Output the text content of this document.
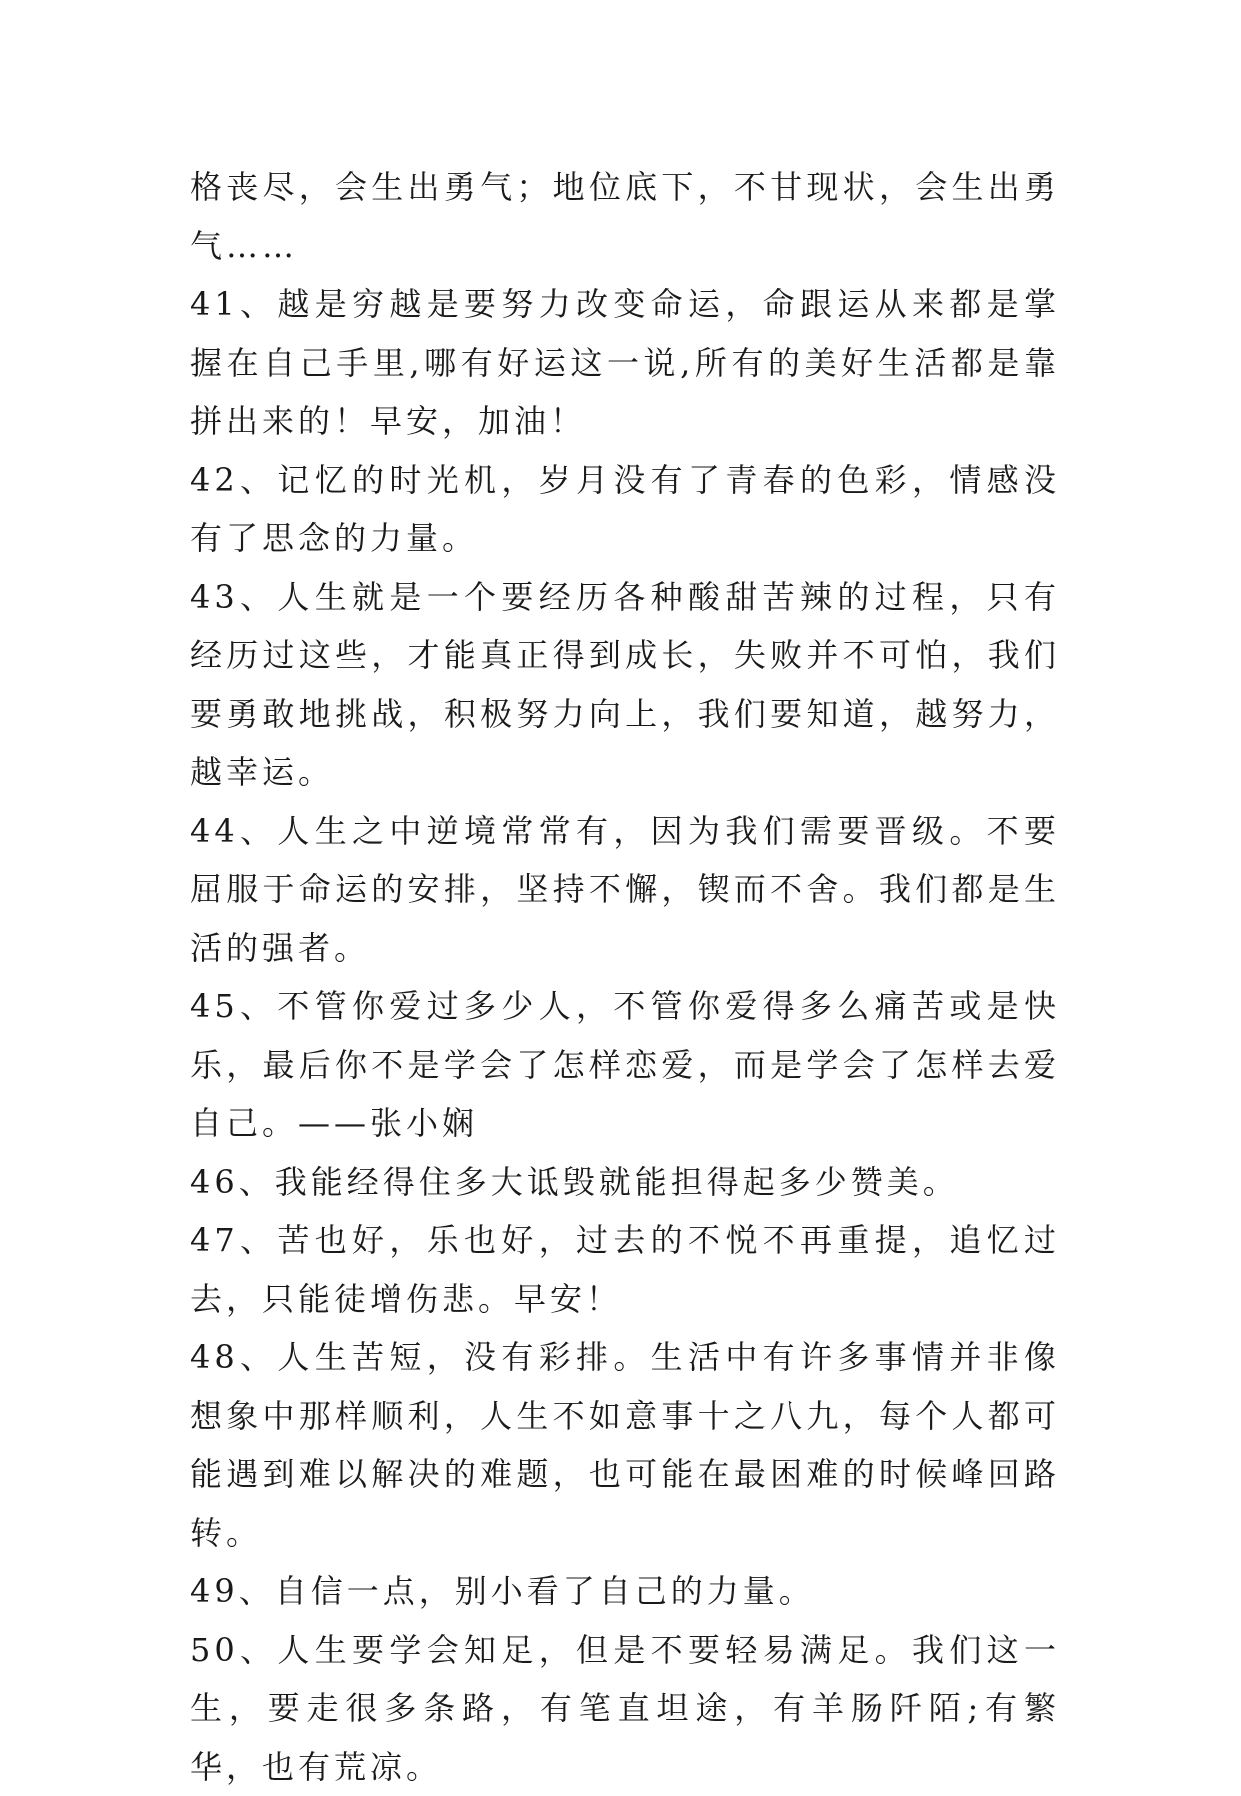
格丧尽，会生出勇气；地位底下，不甘现状，会生出勇气……

41、越是穷越是要努力改变命运，命跟运从来都是掌握在自己手里,哪有好运这一说,所有的美好生活都是靠拼出来的！早安，加油！

42、记忆的时光机，岁月没有了青春的色彩，情感没有了思念的力量。

43、人生就是一个要经历各种酸甜苦辣的过程，只有经历过这些，才能真正得到成长，失败并不可怕，我们要勇敢地挑战，积极努力向上，我们要知道，越努力，越幸运。

44、人生之中逆境常常有，因为我们需要晋级。不要屈服于命运的安排，坚持不懈，锲而不舍。我们都是生活的强者。

45、不管你爱过多少人，不管你爱得多么痛苦或是快乐，最后你不是学会了怎样恋爱，而是学会了怎样去爱自己。——张小娴

46、我能经得住多大诋毁就能担得起多少赞美。

47、苦也好，乐也好，过去的不悦不再重提，追忆过去，只能徒增伤悲。早安！

48、人生苦短，没有彩排。生活中有许多事情并非像想象中那样顺利，人生不如意事十之八九，每个人都可能遇到难以解决的难题，也可能在最困难的时候峰回路转。

49、自信一点，别小看了自己的力量。

50、人生要学会知足，但是不要轻易满足。我们这一生，要走很多条路，有笔直坦途，有羊肠阡陌;有繁华，也有荒凉。
